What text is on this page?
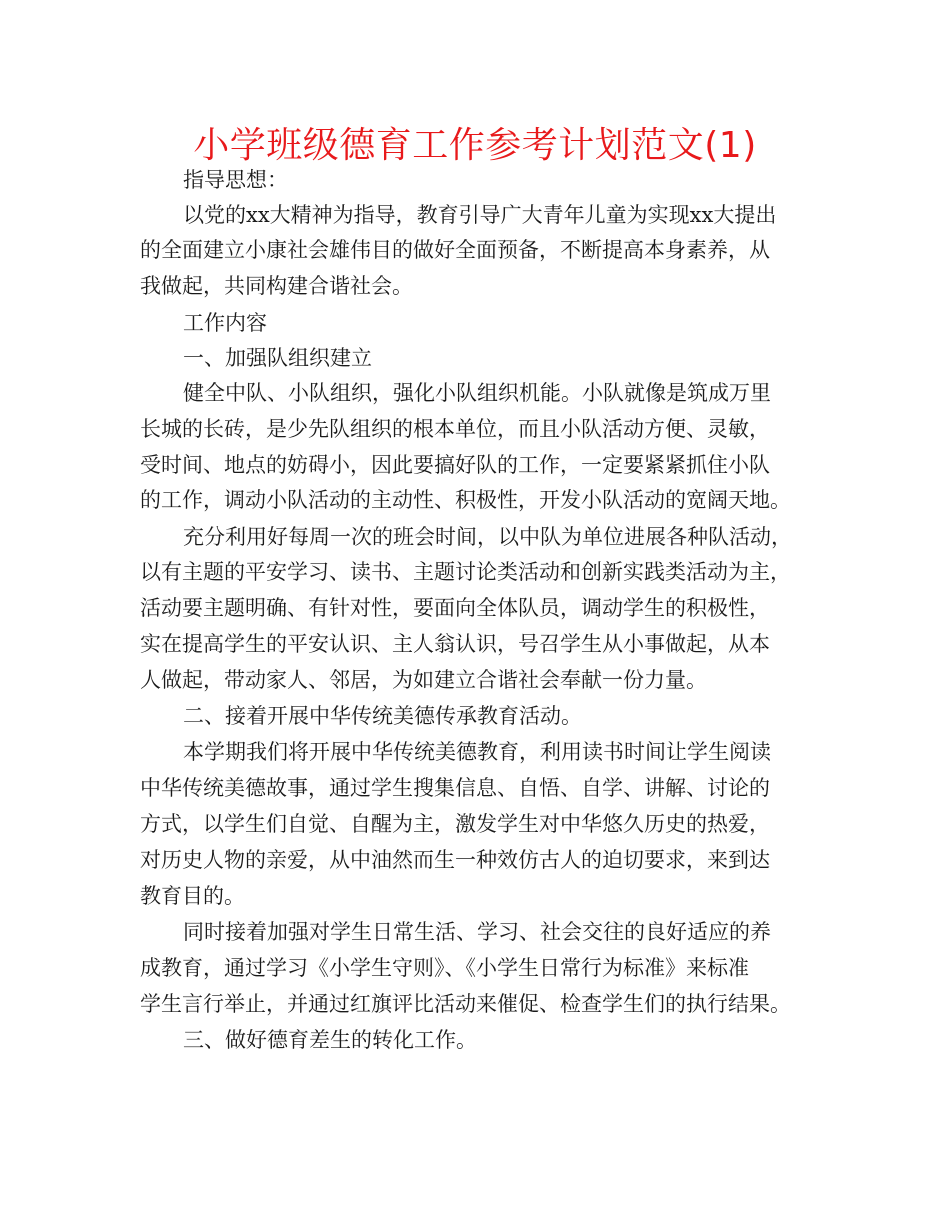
小学班级德育工作参考计划范文(1)
指导思想：
以党的xx大精神为指导，教育引导广大青年儿童为实现xx大提出
的全面建立小康社会雄伟目的做好全面预备，不断提高本身素养，从
我做起，共同构建合谐社会。
工作内容
一、加强队组织建立
健全中队、小队组织，强化小队组织机能。小队就像是筑成万里
长城的长砖，是少先队组织的根本单位，而且小队活动方便、灵敏，
受时间、地点的妨碍小，因此要搞好队的工作，一定要紧紧抓住小队
的工作，调动小队活动的主动性、积极性，开发小队活动的宽阔天地。
充分利用好每周一次的班会时间，以中队为单位进展各种队活动，
以有主题的平安学习、读书、主题讨论类活动和创新实践类活动为主，
活动要主题明确、有针对性，要面向全体队员，调动学生的积极性，
实在提高学生的平安认识、主人翁认识，号召学生从小事做起，从本
人做起，带动家人、邻居，为如建立合谐社会奉献一份力量。
二、接着开展中华传统美德传承教育活动。
本学期我们将开展中华传统美德教育，利用读书时间让学生阅读
中华传统美德故事，通过学生搜集信息、自悟、自学、讲解、讨论的
方式，以学生们自觉、自醒为主，激发学生对中华悠久历史的热爱，
对历史人物的亲爱，从中油然而生一种效仿古人的迫切要求，来到达
教育目的。
同时接着加强对学生日常生活、学习、社会交往的良好适应的养
成教育，通过学习《小学生守则》、《小学生日常行为标准》来标准
学生言行举止，并通过红旗评比活动来催促、检查学生们的执行结果。
三、做好德育差生的转化工作。
